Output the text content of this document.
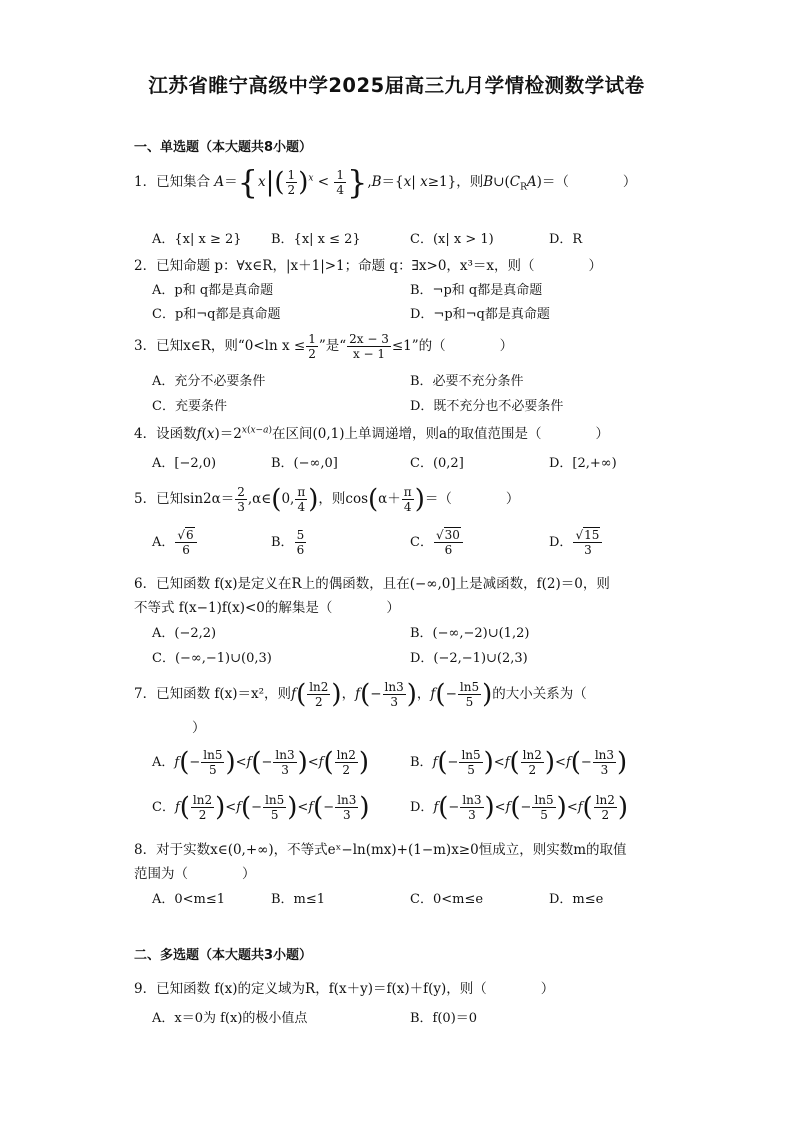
江苏省睢宁高级中学2025届高三九月学情检测数学试卷
一、单选题（本大题共8小题）
1．已知集合 $A=\{x|( \frac{1}{2} )^x < \frac{1}{4} \},B=\{x|$ x≥1}，则$B\cup(C_RA)=$（　　　　）
A．{x| x ≥ 2} B．{x| x ≤ 2}	C．(x| x > 1)	D．R
2．已知命题 p：∀x∈R，|x＋1|>1；命题 q：∃x>0，x³＝x，则（　　　　）
A．p和 q都是真命题	B．¬p和 q都是真命题
C．p和¬q都是真命题	D．¬p和¬q都是真命题
3．已知x∈R，则“0<ln $x \le \frac{1}{2}$ ”是“ $\frac{2x - 3}{x - 1} \le 1$”的（　　　　）
A．充分不必要条件	B．必要不充分条件
C．充要条件	D．既不充分也不必要条件
4．设函数$f(x)=2^{x(x-a)}$在区间(0,1)上单调递增，则a的取值范围是（　　　　）
A．[−2,0)	B．(−∞,0]	C．(0,2]	D．[2,+∞)
5．已知$\sin 2\alpha= \frac{2}{3}$ ,α∈(0, $\frac{\pi}{4}$ )，则$\cos(\alpha+ \frac{\pi}{4}$ )＝（　　　　）
A． $\frac{√6}{6}$	B． $\frac{5}{6}$	C． $\frac{√30}{6}$	D． $\frac{√15}{3}$
6．已知函数 f(x)是定义在R上的偶函数，且在(−∞,0]上是减函数，f(2)＝0，则
不等式 f(x−1)f(x)<0的解集是（　　　　）
A．(−2,2)	B．(−∞,−2)∪(1,2)
C．(−∞,−1)∪(0,3)	D．(−2,−1)∪(2,3)
7．已知函数 f(x)＝x²，则$f( \frac{\ln 2}{2}$ )，$f(- \frac{\ln 3}{3}$ )，$f(- \frac{\ln 5}{5}$ )的大小关系为（
）
A．$f(- \frac{\ln 5}{5} )<f(- \frac{\ln 3}{3} )<f( \frac{\ln 2}{2}$ )	B．$f(- \frac{\ln 5}{5} )<f( \frac{\ln 2}{2} )<f(- \frac{\ln 3}{3}$ )
C．$f( \frac{\ln 2}{2} )<f(- \frac{\ln 5}{5} )<f(- \frac{\ln 3}{3}$ )	D．$f(- \frac{\ln 3}{3} )<f(- \frac{\ln 5}{5} )<f( \frac{\ln 2}{2}$ )
8．对于实数x∈(0,+∞)，不等式eˣ−ln(mx)+(1−m)x≥0恒成立，则实数m的取值
范围为（　　　　）
A．0<m≤1	B．m≤1	C．0<m≤e	D．m≤e
二、多选题（本大题共3小题）
9．已知函数 f(x)的定义域为R，f(x＋y)＝f(x)＋f(y)，则（　　　　）
A．x＝0为 f(x)的极小值点	B．f(0)＝0
